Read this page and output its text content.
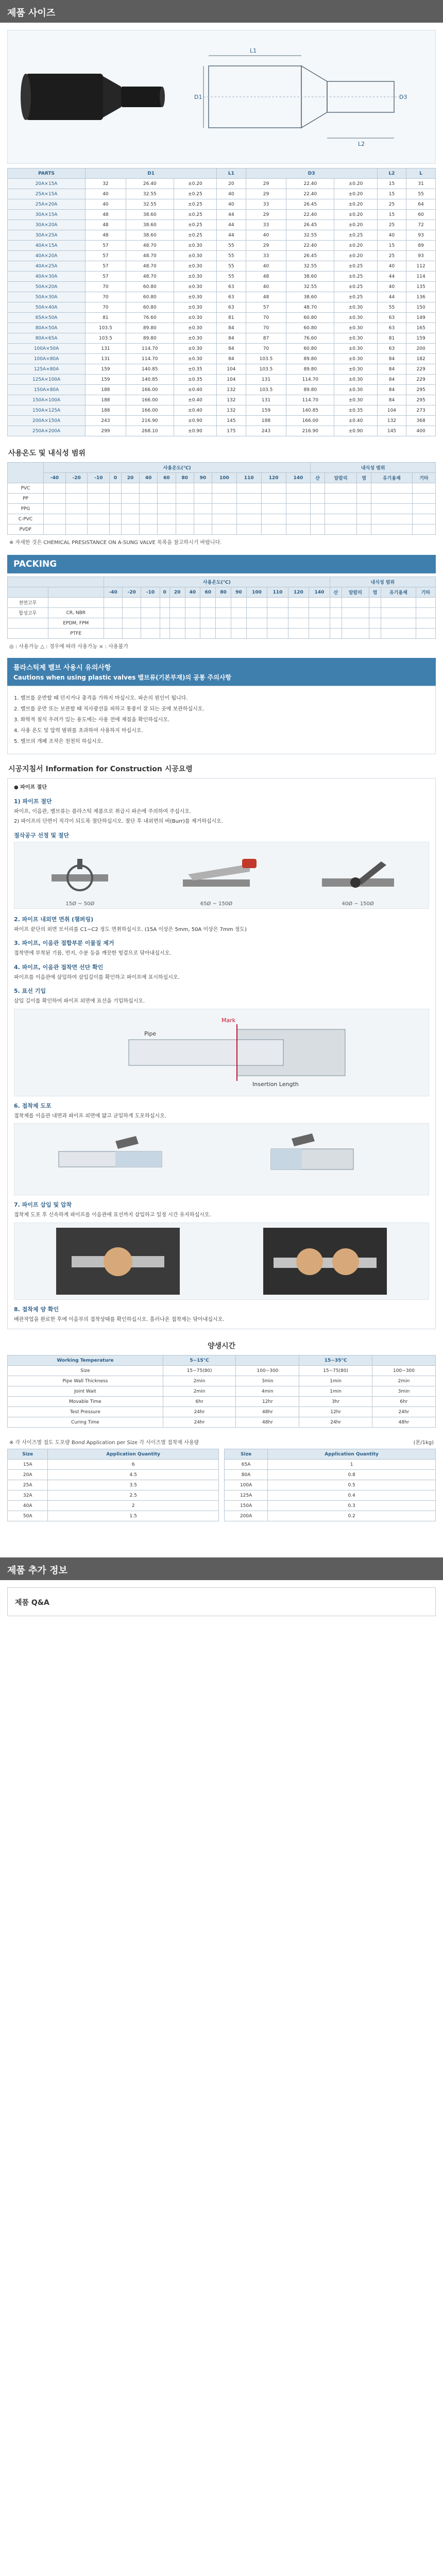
제품 사이즈
L1
L2
D1	D3
PARTS	D1			L1	D3			L2	L
20A×15A	32	26.40	±0.20	20	29	22.40	±0.20	15	31
25A×15A	40	32.55	±0.25	40	29	22.40	±0.20	15	55
25A×20A	40	32.55	±0.25	40	33	26.45	±0.20	25	64
30A×15A	48	38.60	±0.25	44	29	22.40	±0.20	15	60
30A×20A	48	38.60	±0.25	44	33	26.45	±0.20	25	72
30A×25A	48	38.60	±0.25	44	40	32.55	±0.25	40	93
40A×15A	57	48.70	±0.30	55	29	22.40	±0.20	15	89
40A×20A	57	48.70	±0.30	55	33	26.45	±0.20	25	93
40A×25A	57	48.70	±0.30	55	40	32.55	±0.25	40	112
40A×30A	57	48.70	±0.30	55	48	38.60	±0.25	44	114
50A×20A	70	60.80	±0.30	63	40	32.55	±0.25	40	135
50A×30A	70	60.80	±0.30	63	48	38.60	±0.25	44	136
50A×40A	70	60.80	±0.30	63	57	48.70	±0.30	55	150
65A×50A	81	76.60	±0.30	81	70	60.80	±0.30	63	149
80A×50A	103.5	89.80	±0.30	84	70	60.80	±0.30	63	165
80A×65A	103.5	89.80	±0.30	84	87	76.60	±0.30	81	159
100A×50A	131	114.70	±0.30	84	70	60.80	±0.30	63	200
100A×80A	131	114.70	±0.30	84	103.5	89.80	±0.30	84	182
125A×80A	159	140.85	±0.35	104	103.5	89.80	±0.30	84	229
125A×100A	159	140.85	±0.35	104	131	114.70	±0.30	84	229
150A×80A	188	166.00	±0.40	132	103.5	89.80	±0.30	84	295
150A×100A	188	166.00	±0.40	132	131	114.70	±0.30	84	295
150A×125A	188	166.00	±0.40	132	159	140.85	±0.35	104	273
200A×150A	243	216.90	±0.90	145	188	166.00	±0.40	132	368
250A×200A	299	268.10	±0.90	175	243	216.90	±0.90	145	400
사용온도 및 내식성 범위
	사용온도(℃)													내식성 범위				
	-40	-20	-10	0	20	40	60	80	90	100	110	120	140	산	알칼리	염	유기용제	기타
PVC																		
PP																		
PPG																		
C-PVC																		
PVDF																		
※ 자세한 것은 CHEMICAL PRESISTANCE ON A-SUNG VALVE 목록을 참고하시기 바랍니다.
PACKING
		사용온도(℃)													내식성 범위				
		-40	-20	-10	0	20	40	60	80	90	100	110	120	140	산	알칼리	염	유기용제	기타
천연고무																			
합성고무	CR, NBR																		
	EPDM, FPM																		
	PTFE																		
◎ : 사용가능 △ : 경우에 따라 사용가능 × : 사용불가
플라스틱제 밸브 사용시 유의사항
Cautions when using plastic valves 밸브류(기본부재)의 공통 주의사항
1. 밸브를 운반할 때 던지거나 충격을 가하지 마십시오. 파손의 원인이 됩니다.
2. 밸브를 운반 또는 보관할 때 직사광선을 피하고 통풍이 잘 되는 곳에 보관하십시오.
3. 화학적 침식 우려가 있는 용도에는 사용 전에 재질을 확인하십시오.
4. 사용 온도 및 압력 범위를 초과하여 사용하지 마십시오.
5. 밸브의 개폐 조작은 천천히 하십시오.
시공지침서 Information for Construction 시공요령
● 파이프 절단
1) 파이프 절단
파이프, 이음관, 밸브류는 플라스틱 제품으로 취급시 파손에 주의하여 주십시오.
2) 파이프의 단면이 직각이 되도록 절단하십시오. 절단 후 내외면의 버(Burr)를 제거하십시오.
절삭공구 선정 및 절단
15Ø ~ 50Ø	65Ø ~ 150Ø	40Ø ~ 150Ø
2. 파이프 내외면 면취 (챔퍼링)
파이프 끝단의 외면 모서리를 C1~C2 정도 면취하십시오. (15A 이상은 5mm, 50A 이상은 7mm 정도)
3. 파이프, 이음관 접합부분 이물질 제거
접착면에 부착된 기름, 먼지, 수분 등을 깨끗한 헝겊으로 닦아내십시오.
4. 파이프, 이음관 접착면 선단 확인
파이프를 이음관에 삽입하여 삽입깊이를 확인하고 파이프에 표시하십시오.
5. 표선 기입
삽입 길이를 확인하여 파이프 외면에 표선을 기입하십시오.
Pipe
Mark
Insertion Length
6. 접착제 도포
접착제를 이음관 내면과 파이프 외면에 얇고 균일하게 도포하십시오.
7. 파이프 삽입 및 압착
접착제 도포 후 신속하게 파이프를 이음관에 표선까지 삽입하고 일정 시간 유지하십시오.
8. 접착제 양 확인
배관작업을 완료한 후에 이음부의 접착상태를 확인하십시오. 흘러나온 접착제는 닦아내십시오.
양생시간
Working Temperature	5~15°C		15~35°C	
Size	15~75(80)	100~300	15~75(80)	100~300
Pipe Wall Thickness	2min	3min	1min	2min
Joint Wait	2min	4min	1min	3min
Movable Time	6hr	12hr	3hr	6hr
Test Pressure	24hr	48hr	12hr	24hr
Curing Time	24hr	48hr	24hr	48hr
※ 각 사이즈별 접도 도포량 Bond Application per Size 각 사이즈별 접착제 사용량	(본/1kg)
Size	Application Quantity
15A	6
20A	4.5
25A	3.5
32A	2.5
40A	2
50A	1.5
Size	Application Quantity
65A	1
80A	0.8
100A	0.5
125A	0.4
150A	0.3
200A	0.2
제품 추가 정보
제품 Q&A
